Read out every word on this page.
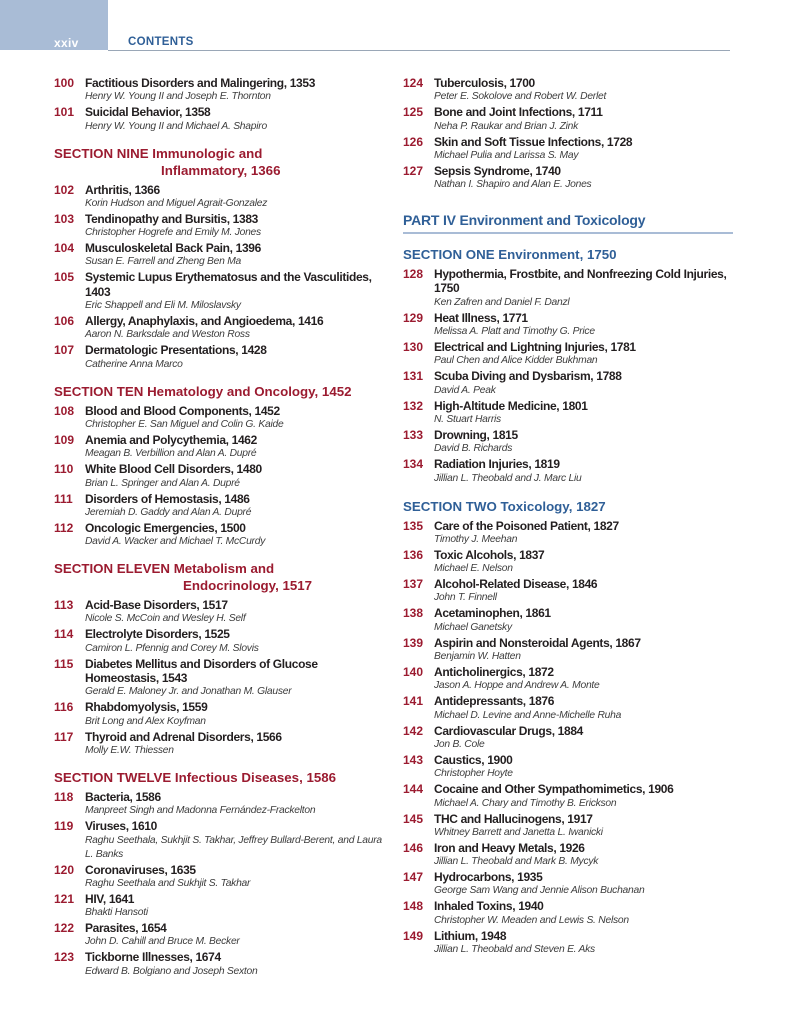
xxiv	CONTENTS
100 Factitious Disorders and Malingering, 1353
Henry W. Young II and Joseph E. Thornton
101 Suicidal Behavior, 1358
Henry W. Young II and Michael A. Shapiro
SECTION NINE Immunologic and
Inflammatory, 1366
102 Arthritis, 1366
Korin Hudson and Miguel Agrait-Gonzalez
103 Tendinopathy and Bursitis, 1383
Christopher Hogrefe and Emily M. Jones
104 Musculoskeletal Back Pain, 1396
Susan E. Farrell and Zheng Ben Ma
105 Systemic Lupus Erythematosus and the Vasculitides, 1403
Eric Shappell and Eli M. Miloslavsky
106 Allergy, Anaphylaxis, and Angioedema, 1416
Aaron N. Barksdale and Weston Ross
107 Dermatologic Presentations, 1428
Catherine Anna Marco
SECTION TEN Hematology and Oncology, 1452
108 Blood and Blood Components, 1452
Christopher E. San Miguel and Colin G. Kaide
109 Anemia and Polycythemia, 1462
Meagan B. Verbillion and Alan A. Dupré
110 White Blood Cell Disorders, 1480
Brian L. Springer and Alan A. Dupré
111	Disorders of Hemostasis, 1486
Jeremiah D. Gaddy and Alan A. Dupré
112 Oncologic Emergencies, 1500
David A. Wacker and Michael T. McCurdy
SECTION ELEVEN Metabolism and
Endocrinology, 1517
113 Acid-Base Disorders, 1517
Nicole S. McCoin and Wesley H. Self
114 Electrolyte Disorders, 1525
Camiron L. Pfennig and Corey M. Slovis
115 Diabetes Mellitus and Disorders of Glucose Homeostasis, 1543
Gerald E. Maloney Jr. and Jonathan M. Glauser
116 Rhabdomyolysis, 1559
Brit Long and Alex Koyfman
117 Thyroid and Adrenal Disorders, 1566
Molly E.W. Thiessen
SECTION TWELVE Infectious Diseases, 1586
118 Bacteria, 1586
Manpreet Singh and Madonna Fernández-Frackelton
119 Viruses, 1610
Raghu Seethala, Sukhjit S. Takhar, Jeffrey Bullard-Berent, and Laura L. Banks
120 Coronaviruses, 1635
Raghu Seethala and Sukhjit S. Takhar
121 HIV, 1641
Bhakti Hansoti
122 Parasites, 1654
John D. Cahill and Bruce M. Becker
123 Tickborne Illnesses, 1674
Edward B. Bolgiano and Joseph Sexton
124 Tuberculosis, 1700
Peter E. Sokolove and Robert W. Derlet
125 Bone and Joint Infections, 1711
Neha P. Raukar and Brian J. Zink
126 Skin and Soft Tissue Infections, 1728
Michael Pulia and Larissa S. May
127 Sepsis Syndrome, 1740
Nathan I. Shapiro and Alan E. Jones
PART IV Environment and Toxicology
SECTION ONE Environment, 1750
128 Hypothermia, Frostbite, and Nonfreezing Cold Injuries, 1750
Ken Zafren and Daniel F. Danzl
129 Heat Illness, 1771
Melissa A. Platt and Timothy G. Price
130 Electrical and Lightning Injuries, 1781
Paul Chen and Alice Kidder Bukhman
131 Scuba Diving and Dysbarism, 1788
David A. Peak
132 High-Altitude Medicine, 1801
N. Stuart Harris
133 Drowning, 1815
David B. Richards
134 Radiation Injuries, 1819
Jillian L. Theobald and J. Marc Liu
SECTION TWO Toxicology, 1827
135 Care of the Poisoned Patient, 1827
Timothy J. Meehan
136 Toxic Alcohols, 1837
Michael E. Nelson
137 Alcohol-Related Disease, 1846
John T. Finnell
138 Acetaminophen, 1861
Michael Ganetsky
139 Aspirin and Nonsteroidal Agents, 1867
Benjamin W. Hatten
140 Anticholinergics, 1872
Jason A. Hoppe and Andrew A. Monte
141 Antidepressants, 1876
Michael D. Levine and Anne-Michelle Ruha
142 Cardiovascular Drugs, 1884
Jon B. Cole
143 Caustics, 1900
Christopher Hoyte
144 Cocaine and Other Sympathomimetics, 1906
Michael A. Chary and Timothy B. Erickson
145 THC and Hallucinogens, 1917
Whitney Barrett and Janetta L. Iwanicki
146 Iron and Heavy Metals, 1926
Jillian L. Theobald and Mark B. Mycyk
147 Hydrocarbons, 1935
George Sam Wang and Jennie Alison Buchanan
148 Inhaled Toxins, 1940
Christopher W. Meaden and Lewis S. Nelson
149 Lithium, 1948
Jillian L. Theobald and Steven E. Aks
